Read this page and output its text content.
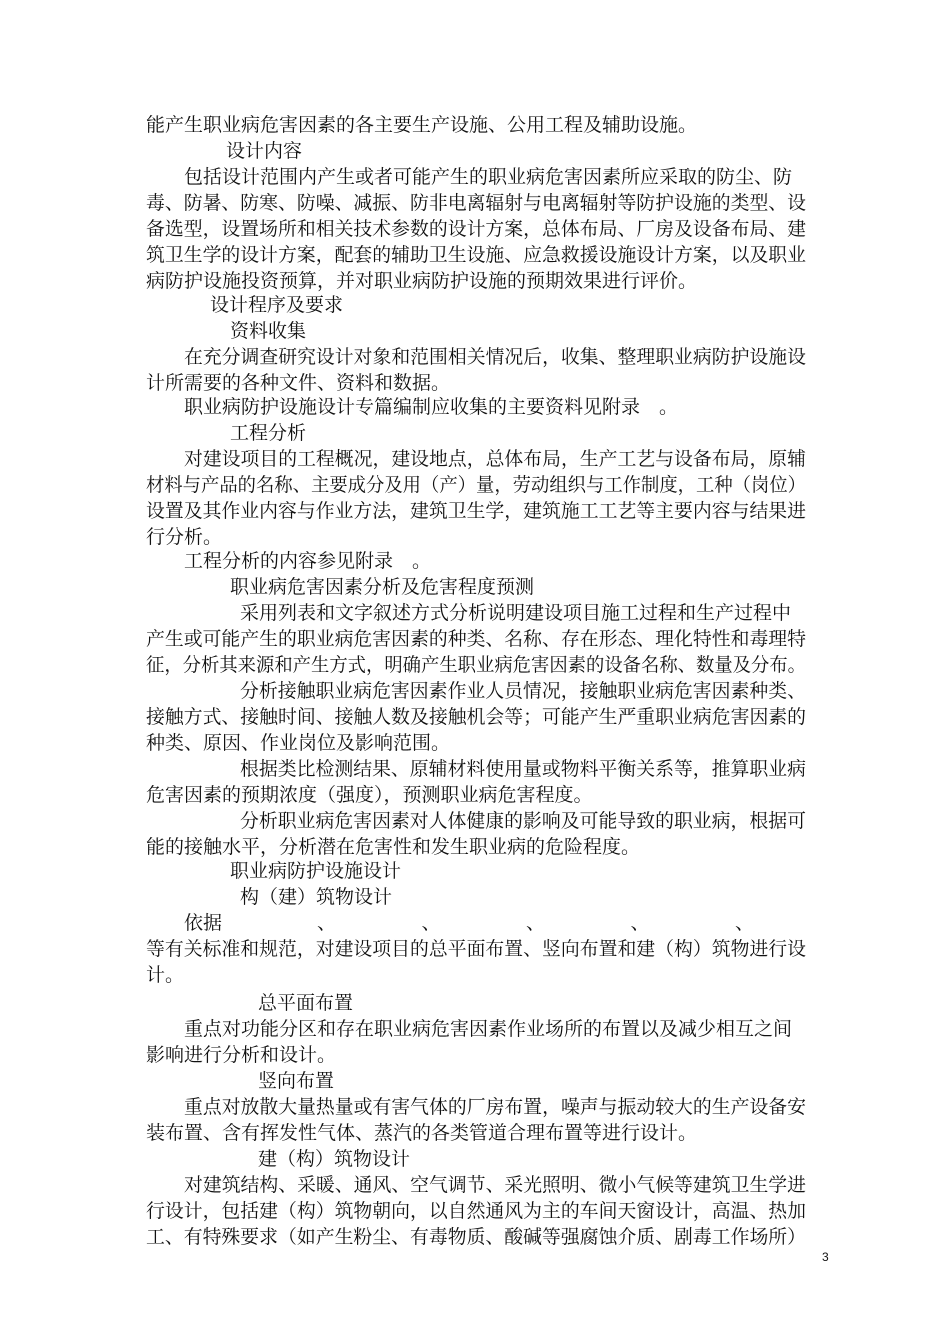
能产生职业病危害因素的各主要生产设施、公用工程及辅助设施。
设计内容
包括设计范围内产生或者可能产生的职业病危害因素所应采取的防尘、防
毒、防暑、防寒、防噪、减振、防非电离辐射与电离辐射等防护设施的类型、设
备选型，设置场所和相关技术参数的设计方案，总体布局、厂房及设备布局、建
筑卫生学的设计方案，配套的辅助卫生设施、应急救援设施设计方案，以及职业
病防护设施投资预算，并对职业病防护设施的预期效果进行评价。
设计程序及要求
资料收集
在充分调查研究设计对象和范围相关情况后，收集、整理职业病防护设施设
计所需要的各种文件、资料和数据。
职业病防护设施设计专篇编制应收集的主要资料见附录　。
工程分析
对建设项目的工程概况，建设地点，总体布局，生产工艺与设备布局，原辅
材料与产品的名称、主要成分及用（产）量，劳动组织与工作制度，工种（岗位）
设置及其作业内容与作业方法，建筑卫生学，建筑施工工艺等主要内容与结果进
行分析。
工程分析的内容参见附录　。
职业病危害因素分析及危害程度预测
采用列表和文字叙述方式分析说明建设项目施工过程和生产过程中
产生或可能产生的职业病危害因素的种类、名称、存在形态、理化特性和毒理特
征，分析其来源和产生方式，明确产生职业病危害因素的设备名称、数量及分布。
分析接触职业病危害因素作业人员情况，接触职业病危害因素种类、
接触方式、接触时间、接触人数及接触机会等；可能产生严重职业病危害因素的
种类、原因、作业岗位及影响范围。
根据类比检测结果、原辅材料使用量或物料平衡关系等，推算职业病
危害因素的预期浓度（强度），预测职业病危害程度。
分析职业病危害因素对人体健康的影响及可能导致的职业病，根据可
能的接触水平，分析潜在危害性和发生职业病的危险程度。
职业病防护设施设计
构（建）筑物设计
依据　　　　　、　　　　　、　　　　　、　　　　　、　　　　　、
等有关标准和规范，对建设项目的总平面布置、竖向布置和建（构）筑物进行设
计。
总平面布置
重点对功能分区和存在职业病危害因素作业场所的布置以及减少相互之间
影响进行分析和设计。
竖向布置
重点对放散大量热量或有害气体的厂房布置，噪声与振动较大的生产设备安
装布置、含有挥发性气体、蒸汽的各类管道合理布置等进行设计。
建（构）筑物设计
对建筑结构、采暖、通风、空气调节、采光照明、微小气候等建筑卫生学进
行设计，包括建（构）筑物朝向，以自然通风为主的车间天窗设计，高温、热加
工、有特殊要求（如产生粉尘、有毒物质、酸碱等强腐蚀介质、剧毒工作场所）
3
